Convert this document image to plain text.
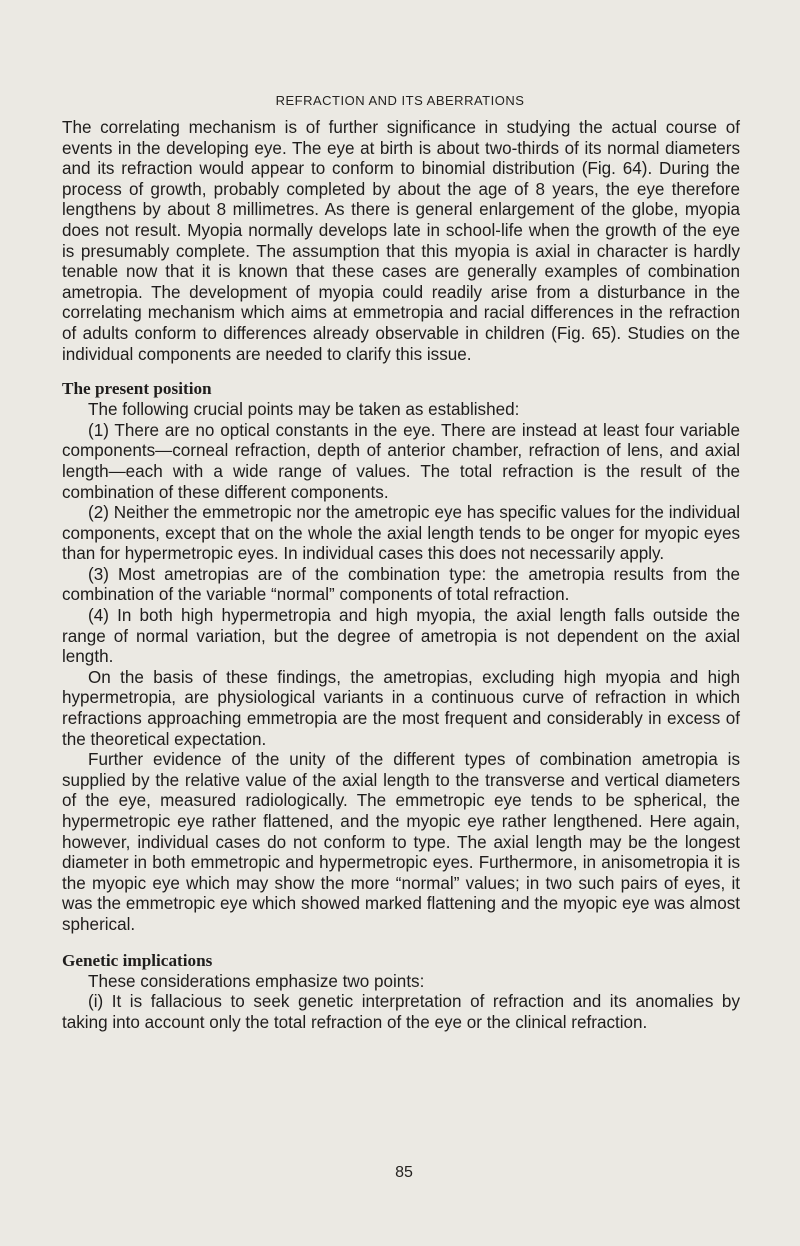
REFRACTION AND ITS ABERRATIONS

The correlating mechanism is of further significance in studying the actual course of events in the developing eye. The eye at birth is about two-thirds of its normal diameters and its refraction would appear to conform to binomial distribution (Fig. 64). During the process of growth, probably completed by about the age of 8 years, the eye therefore lengthens by about 8 millimetres. As there is general enlargement of the globe, myopia does not result. Myopia normally develops late in school-life when the growth of the eye is presumably complete. The assumption that this myopia is axial in character is hardly tenable now that it is known that these cases are generally examples of combination ametropia. The development of myopia could readily arise from a disturbance in the correlating mechanism which aims at emmetropia and racial differences in the refraction of adults conform to differences already observable in children (Fig. 65). Studies on the individual components are needed to clarify this issue.

The present position

The following crucial points may be taken as established:

(1) There are no optical constants in the eye. There are instead at least four variable components—corneal refraction, depth of anterior chamber, refraction of lens, and axial length—each with a wide range of values. The total refraction is the result of the combination of these different components.

(2) Neither the emmetropic nor the ametropic eye has specific values for the individual components, except that on the whole the axial length tends to be onger for myopic eyes than for hypermetropic eyes. In individual cases this does not necessarily apply.

(3) Most ametropias are of the combination type: the ametropia results from the combination of the variable “normal” components of total refraction.

(4) In both high hypermetropia and high myopia, the axial length falls outside the range of normal variation, but the degree of ametropia is not dependent on the axial length.

On the basis of these findings, the ametropias, excluding high myopia and high hypermetropia, are physiological variants in a continuous curve of refraction in which refractions approaching emmetropia are the most frequent and considerably in excess of the theoretical expectation.

Further evidence of the unity of the different types of combination ametropia is supplied by the relative value of the axial length to the transverse and vertical diameters of the eye, measured radiologically. The emmetropic eye tends to be spherical, the hypermetropic eye rather flattened, and the myopic eye rather lengthened. Here again, however, individual cases do not conform to type. The axial length may be the longest diameter in both emmetropic and hypermetropic eyes. Furthermore, in anisometropia it is the myopic eye which may show the more “normal” values; in two such pairs of eyes, it was the emmetropic eye which showed marked flattening and the myopic eye was almost spherical.

Genetic implications

These considerations emphasize two points:

(i) It is fallacious to seek genetic interpretation of refraction and its anomalies by taking into account only the total refraction of the eye or the clinical refraction.

85
